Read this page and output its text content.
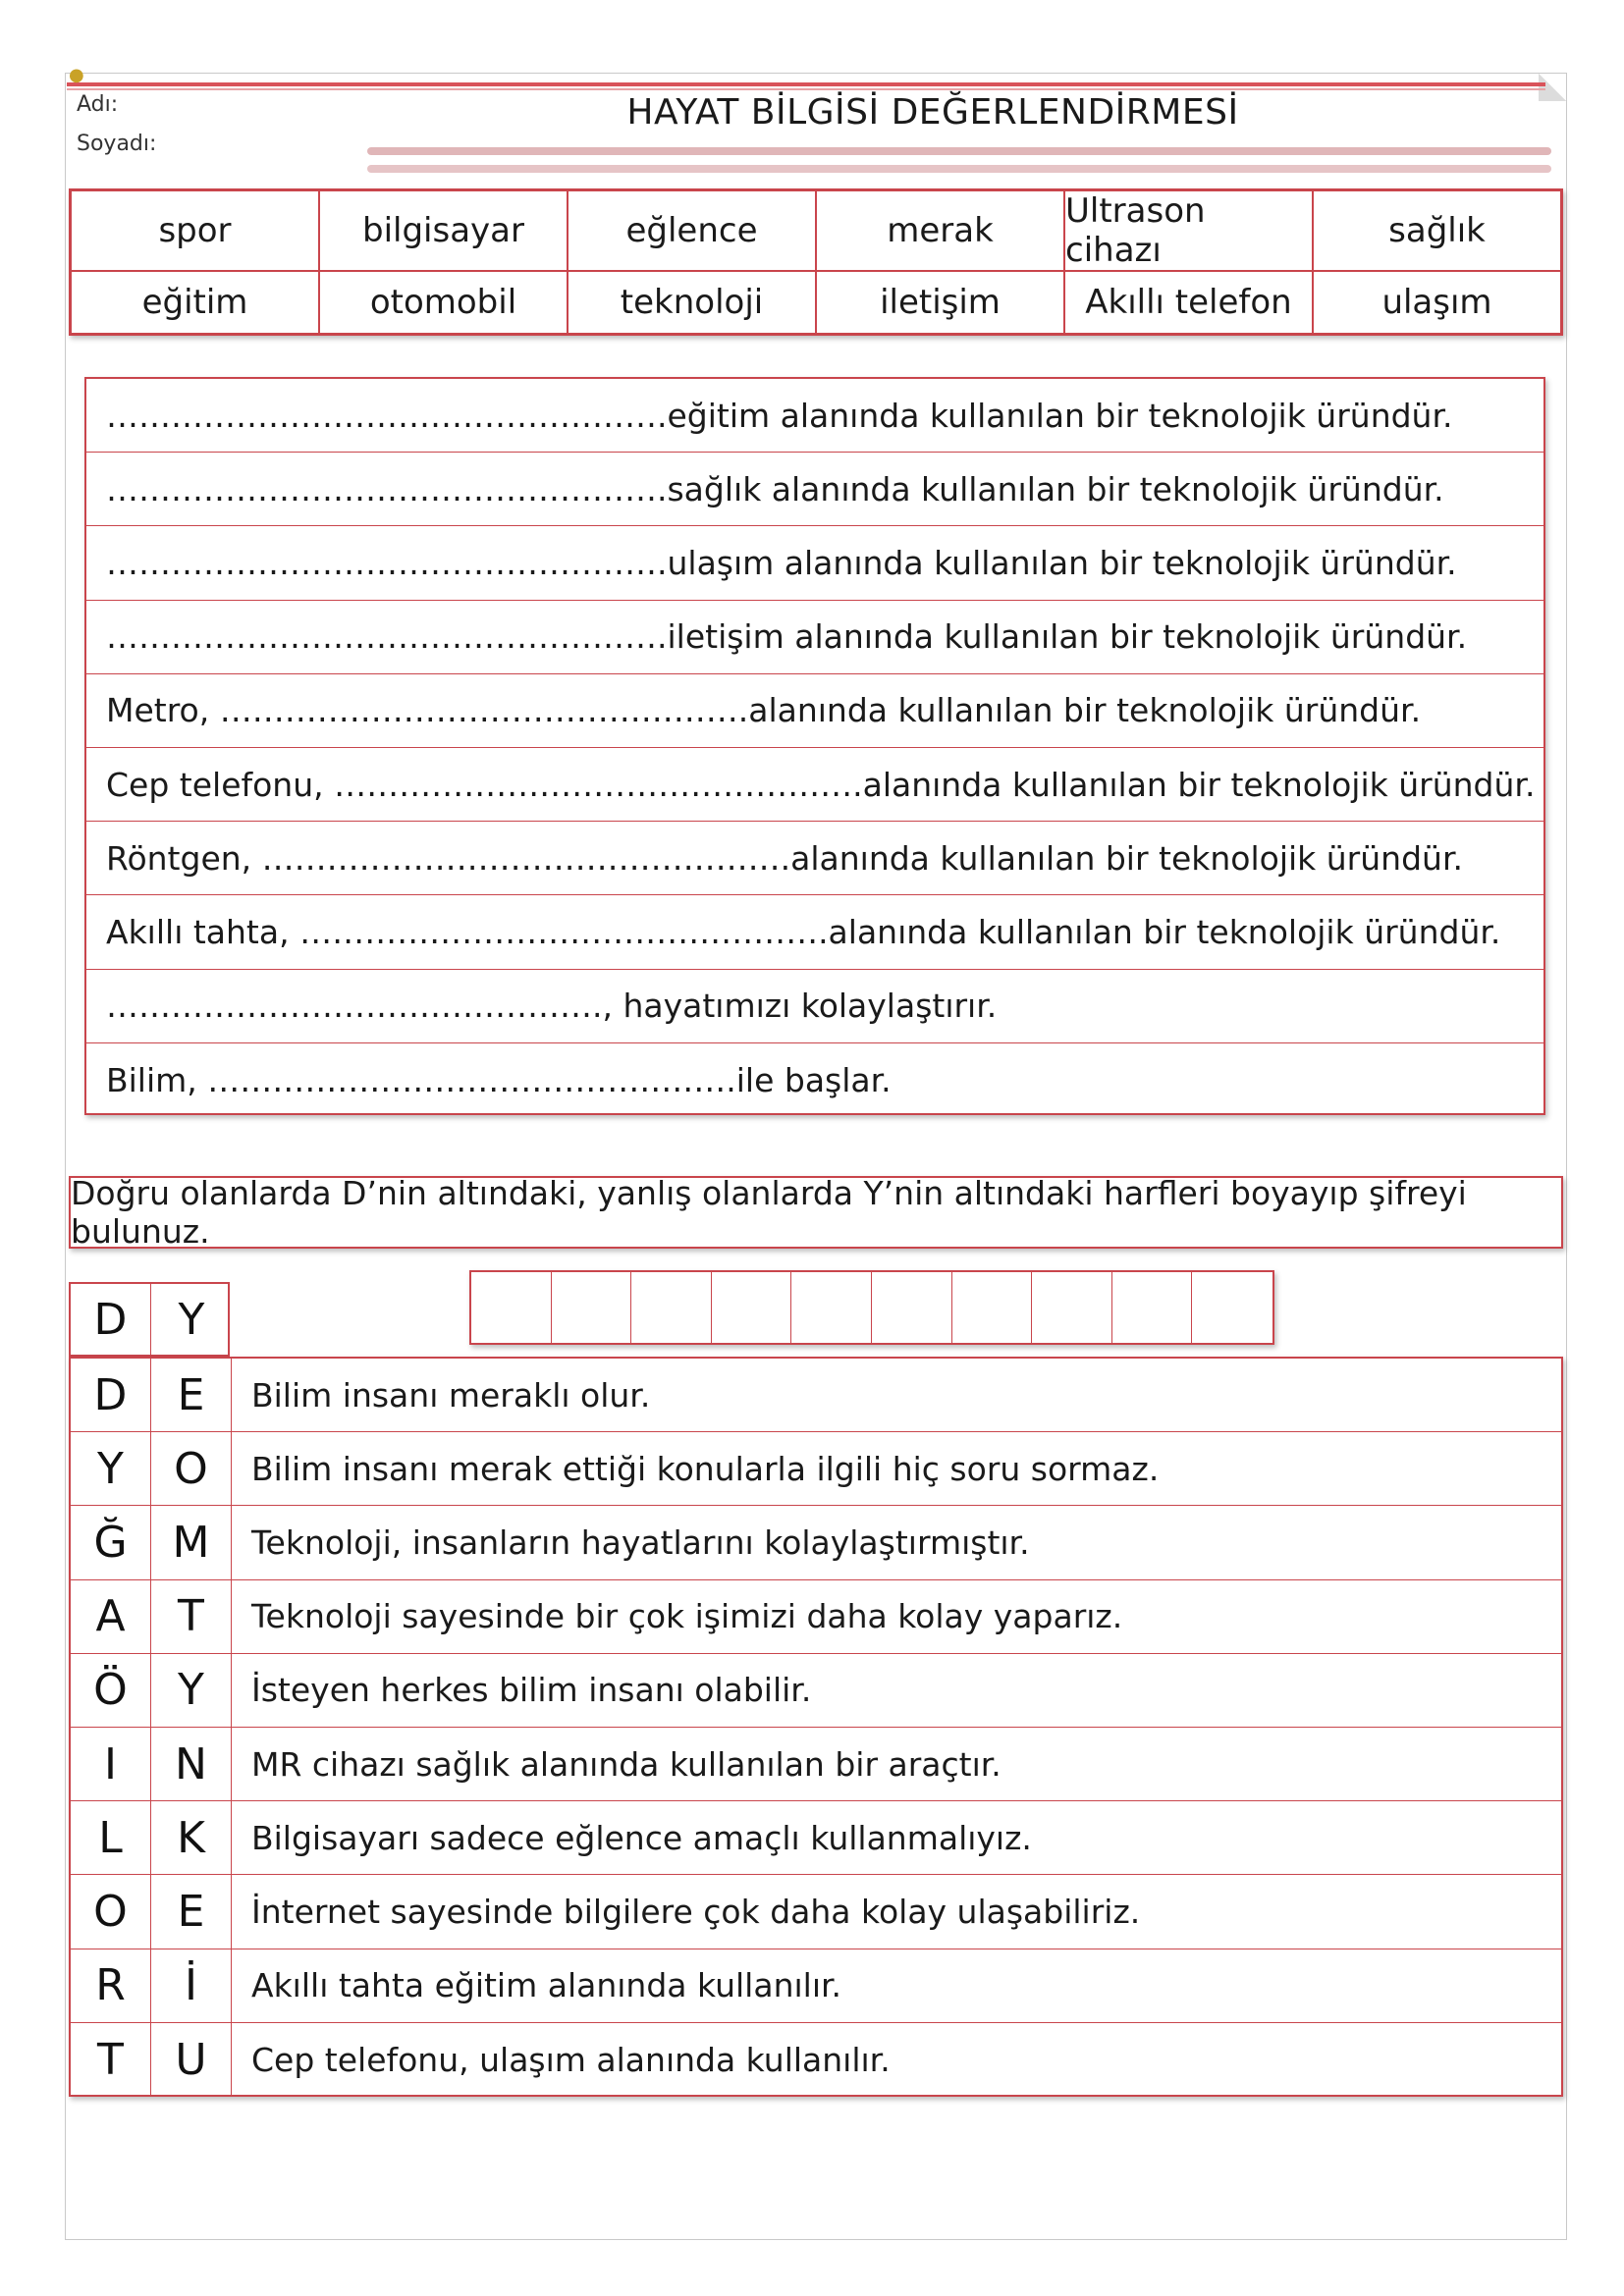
●
Adı:
Soyadı:
HAYAT BİLGİSİ DEĞERLENDİRMESİ
spor	bilgisayar	eğlence	merak	Ultrason cihazı	sağlık
eğitim	otomobil	teknoloji	iletişim	Akıllı telefon	ulaşım
…………………………………………….eğitim alanında kullanılan bir teknolojik üründür.
…………………………………………….sağlık alanında kullanılan bir teknolojik üründür.
…………………………………………….ulaşım alanında kullanılan bir teknolojik üründür.
…………………………………………….iletişim alanında kullanılan bir teknolojik üründür.
Metro, ………………………………………….alanında kullanılan bir teknolojik üründür.
Cep telefonu, ………………………………………….alanında kullanılan bir teknolojik üründür.
Röntgen, ………………………………………….alanında kullanılan bir teknolojik üründür.
Akıllı tahta, ………………………………………….alanında kullanılan bir teknolojik üründür.
………………………………………., hayatımızı kolaylaştırır.
Bilim, ………………………………………….ile başlar.
Doğru olanlarda D’nin altındaki, yanlış olanlarda Y’nin altındaki harfleri boyayıp şifreyi bulunuz.
D	Y
D	E	Bilim insanı meraklı olur.
Y	O	Bilim insanı merak ettiği konularla ilgili hiç soru sormaz.
Ğ	M	Teknoloji, insanların hayatlarını kolaylaştırmıştır.
A	T	Teknoloji sayesinde bir çok işimizi daha kolay yaparız.
Ö	Y	İsteyen herkes bilim insanı olabilir.
I	N	MR cihazı sağlık alanında kullanılan bir araçtır.
L	K	Bilgisayarı sadece eğlence amaçlı kullanmalıyız.
O	E	İnternet sayesinde bilgilere çok daha kolay ulaşabiliriz.
R	İ	Akıllı tahta eğitim alanında kullanılır.
T	U	Cep telefonu, ulaşım alanında kullanılır.
